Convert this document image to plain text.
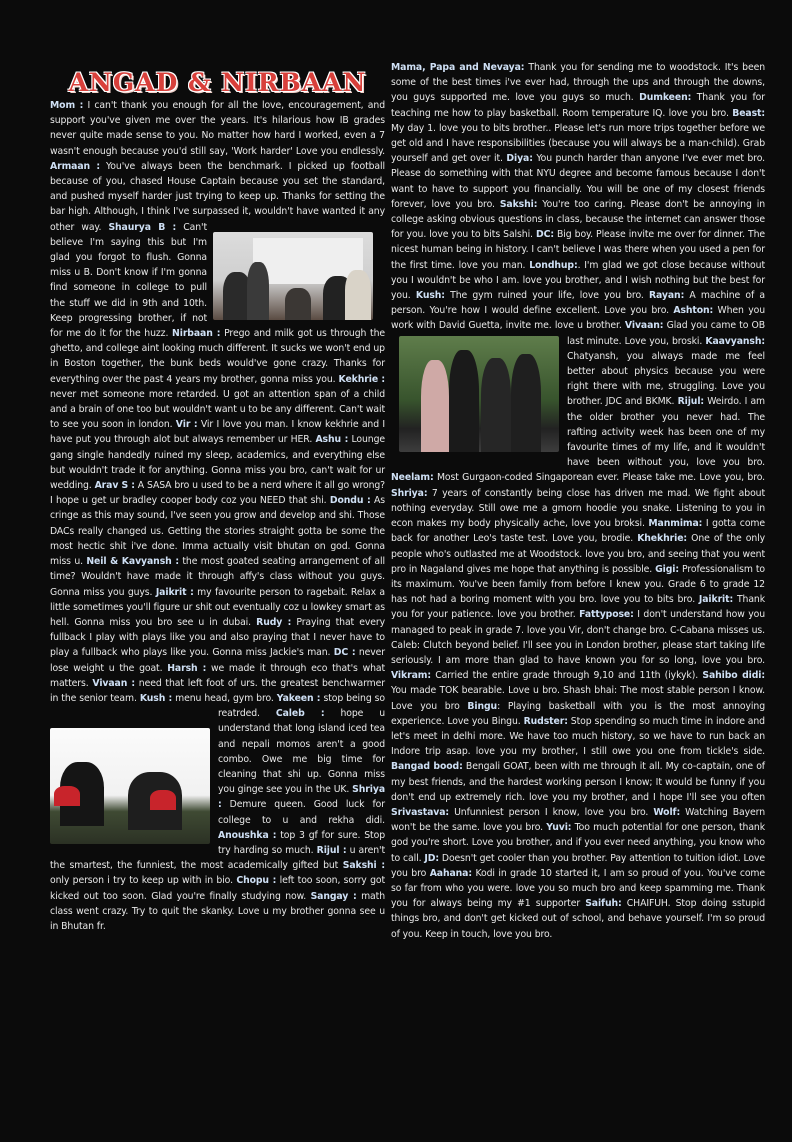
ANGAD & NIRBAAN

Mom : I can't thank you enough for all the love, encouragement, and support you've given me over the years. It's hilarious how IB grades never quite made sense to you. No matter how hard I worked, even a 7 wasn't enough because you'd still say, 'Work harder' Love you endlessly. Armaan : You've always been the benchmark. I picked up football because of you, chased House Captain because you set the standard, and pushed myself harder just trying to keep up. Thanks for setting the bar high. Although, I think I've surpassed it, wouldn't have wanted it any other way.
Shaurya B : Can't believe I'm saying this but I'm glad you forgot to flush. Gonna miss u B. Don't know if I'm gonna find someone in college to pull the stuff we did in 9th and 10th. Keep progressing brother, if not for me do it for the huzz. Nirbaan : Prego and milk got us through the ghetto, and college aint looking much different. It sucks we won't end up in Boston together, the bunk beds would've gone crazy. Thanks for everything over the past 4 years my brother, gonna miss you. Kekhrie : never met someone more retarded. U got an attention span of a child and a brain of one too but wouldn't want u to be any different. Can't wait to see you soon in london. Vir : Vir I love you man. I know kekhrie and I have put you through alot but always remember ur HER. Ashu : Lounge gang single handedly ruined my sleep, academics, and everything else but wouldn't trade it for anything. Gonna miss you bro, can't wait for ur wedding. Arav S : A SASA bro u used to be a nerd where it all go wrong? I hope u get ur bradley cooper body coz you NEED that shi. Dondu : As cringe as this may sound, I've seen you grow and develop and shi. Those DACs really changed us. Getting the stories straight gotta be some the most hectic shit i've done. Imma actually visit bhutan on god. Gonna miss u. Neil & Kavyansh : the most goated seating arrangement of all time? Wouldn't have made it through affy's class without you guys. Gonna miss you guys. Jaikrit : my favourite person to ragebait. Relax a little sometimes you'll figure ur shit out eventually coz u lowkey smart as hell. Gonna miss you bro see u in dubai. Rudy : Praying that every fullback I play with plays like you and also praying that I never have to play a fullback who plays like you. Gonna miss Jackie's man. DC : never lose weight u the goat. Harsh : we made it through eco that's what matters. Vivaan : need that left foot of urs. the greatest benchwarmer in the senior team. Kush : menu head, gym bro. Yakeen : stop being so reatrded.
Caleb : hope u understand that long island iced tea and nepali momos aren't a good combo. Owe me big time for cleaning that shi up. Gonna miss you ginge see you in the UK. Shriya : Demure queen. Good luck for college to u and rekha didi. Anoushka : top 3 gf for sure. Stop try harding so much. Rijul : u aren't the smartest, the funniest, the most academically gifted but Sakshi : only person i try to keep up with in bio. Chopu : left too soon, sorry got kicked out too soon. Glad you're finally studying now. Sangay : math class went crazy. Try to quit the skanky. Love u my brother gonna see u in Bhutan fr.

Mama, Papa and Nevaya: Thank you for sending me to woodstock. It's been some of the best times i've ever had, through the ups and through the downs, you guys supported me. love you guys so much. Dumkeen: Thank you for teaching me how to play basketball. Room temperature IQ. love you bro. Beast: My day 1. love you to bits brother.. Please let's run more trips together before we get old and I have responsibilities (because you will always be a man-child). Grab yourself and get over it. Diya: You punch harder than anyone I've ever met bro. Please do something with that NYU degree and become famous because I don't want to have to support you financially. You will be one of my closest friends forever, love you bro. Sakshi: You're too caring. Please don't be annoying in college asking obvious questions in class, because the internet can answer those for you. love you to bits Salshi. DC: Big boy. Please invite me over for dinner. The nicest human being in history. I can't believe I was there when you used a pen for the first time. love you man. Londhup:. I'm glad we got close because without you I wouldn't be who I am. love you brother, and I wish nothing but the best for you. Kush: The gym ruined your life, love you bro. Rayan: A machine of a person. You're how I would define excellent. Love you bro. Ashton: When you work with David Guetta, invite me. love u brother. Vivaan: Glad you came to OB last minute. Love you, broski.
Kaavyansh: Chatyansh, you always made me feel better about physics because you were right there with me, struggling. Love you brother. JDC and BKMK. Rijul: Weirdo. I am the older brother you never had. The rafting activity week has been one of my favourite times of my life, and it wouldn't have been without you, love you bro. Neelam: Most Gurgaon-coded Singaporean ever. Please take me. Love you, bro. Shriya: 7 years of constantly being close has driven me mad. We fight about nothing everyday. Still owe me a gmorn hoodie you snake. Listening to you in econ makes my body physically ache, love you broksi. Manmima: I gotta come back for another Leo's taste test. Love you, brodie. Khekhrie: One of the only people who's outlasted me at Woodstock. love you bro, and seeing that you went pro in Nagaland gives me hope that anything is possible. Gigi: Professionalism to its maximum. You've been family from before I knew you. Grade 6 to grade 12 has not had a boring moment with you bro. love you to bits bro. Jaikrit: Thank you for your patience. love you brother. Fattypose: I don't understand how you managed to peak in grade 7. love you Vir, don't change bro. C-Cabana misses us. Caleb: Clutch beyond belief. I'll see you in London brother, please start taking life seriously. I am more than glad to have known you for so long, love you bro. Vikram: Carried the entire grade through 9,10 and 11th (iykyk). Sahibo didi: You made TOK bearable. Love u bro. Shash bhai: The most stable person I know. Love you bro Bingu: Playing basketball with you is the most annoying experience. Love you Bingu. Rudster: Stop spending so much time in indore and let's meet in delhi more. We have too much history, so we have to run back an Indore trip asap. love you my brother, I still owe you one from tickle's side. Bangad bood: Bengali GOAT, been with me through it all. My co-captain, one of my best friends, and the hardest working person I know; It would be funny if you don't end up extremely rich. love you my brother, and I hope I'll see you often Srivastava: Unfunniest person I know, love you bro. Wolf: Watching Bayern won't be the same. love you bro. Yuvi: Too much potential for one person, thank god you're short. Love you brother, and if you ever need anything, you know who to call. JD: Doesn't get cooler than you brother. Pay attention to tuition idiot. Love you bro Aahana: Kodi in grade 10 started it, I am so proud of you. You've come so far from who you were. love you so much bro and keep spamming me. Thank you for always being my #1 supporter Saifuh: CHAIFUH. Stop doing sstupid things bro, and don't get kicked out of school, and behave yourself. I'm so proud of you. Keep in touch, love you bro.
